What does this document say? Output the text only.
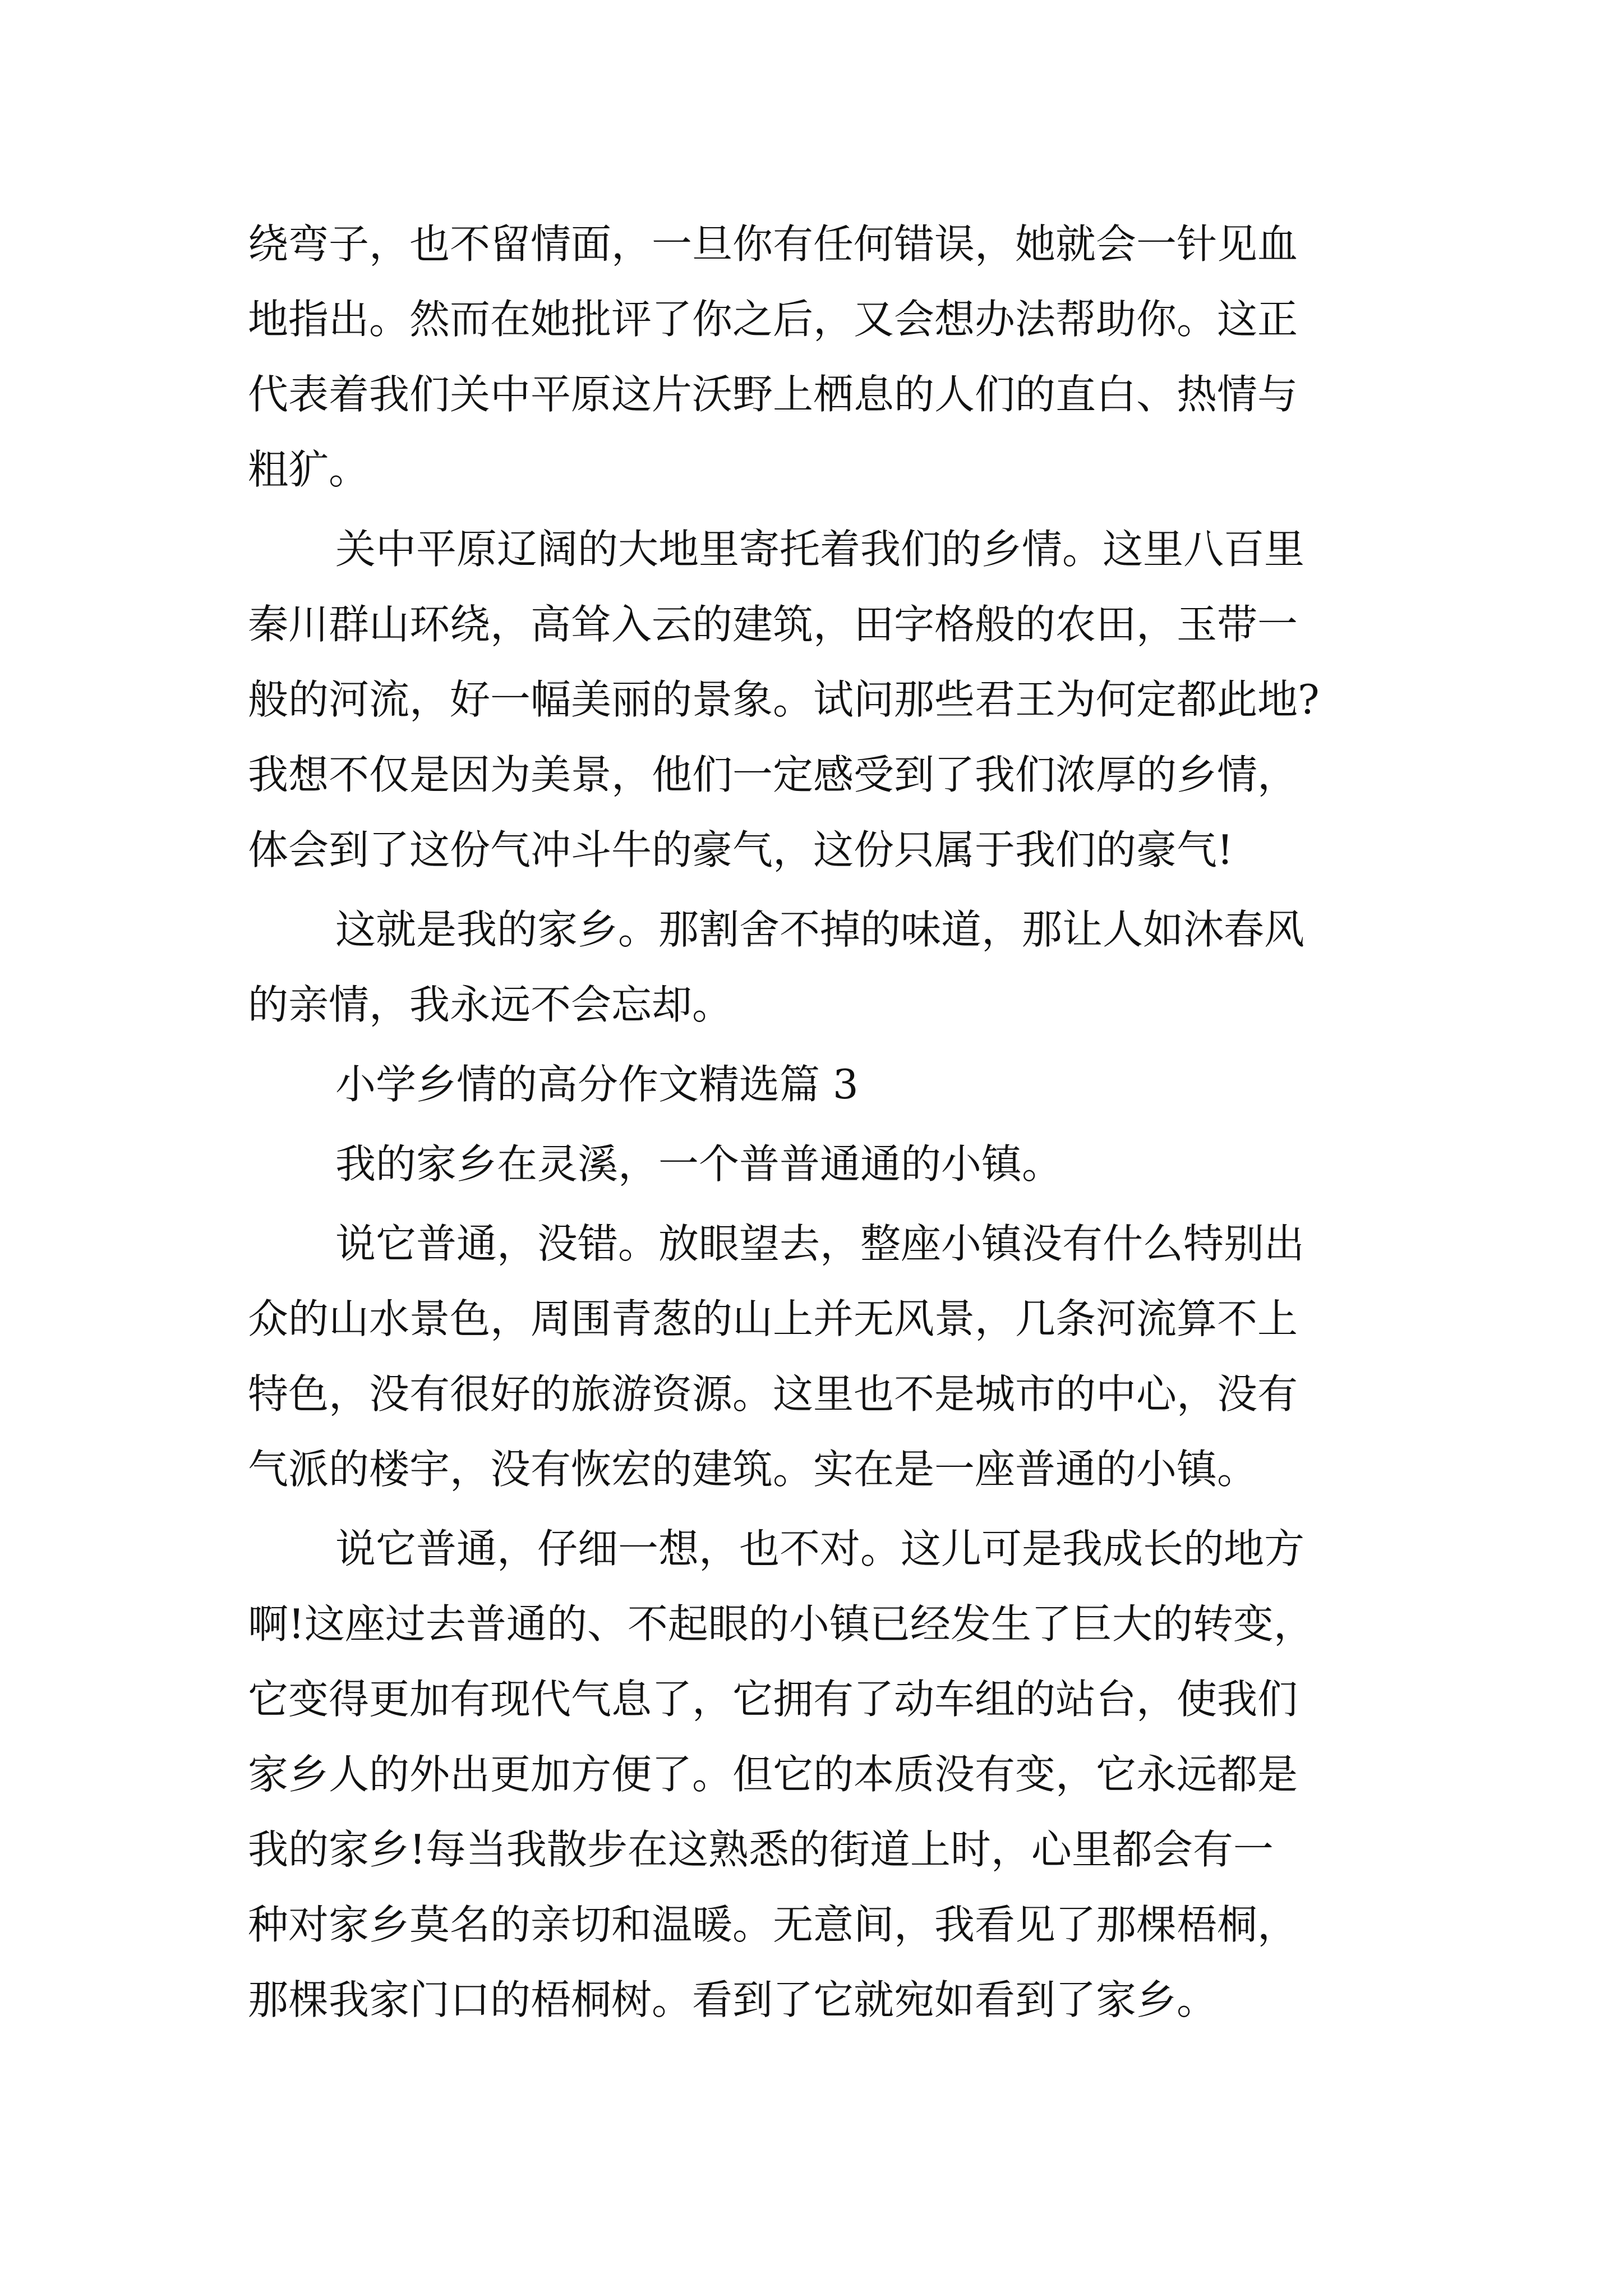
绕弯子，也不留情面，一旦你有任何错误，她就会一针见血

地指出。然而在她批评了你之后，又会想办法帮助你。这正

代表着我们关中平原这片沃野上栖息的人们的直白、热情与

粗犷。

关中平原辽阔的大地里寄托着我们的乡情。这里八百里

秦川群山环绕，高耸入云的建筑，田字格般的农田，玉带一

般的河流，好一幅美丽的景象。试问那些君王为何定都此地?

我想不仅是因为美景，他们一定感受到了我们浓厚的乡情，

体会到了这份气冲斗牛的豪气，这份只属于我们的豪气!

这就是我的家乡。那割舍不掉的味道，那让人如沐春风

的亲情，我永远不会忘却。

小学乡情的高分作文精选篇 3

我的家乡在灵溪，一个普普通通的小镇。

说它普通，没错。放眼望去，整座小镇没有什么特别出

众的山水景色，周围青葱的山上并无风景，几条河流算不上

特色，没有很好的旅游资源。这里也不是城市的中心，没有

气派的楼宇，没有恢宏的建筑。实在是一座普通的小镇。

说它普通，仔细一想，也不对。这儿可是我成长的地方

啊!这座过去普通的、不起眼的小镇已经发生了巨大的转变，

它变得更加有现代气息了，它拥有了动车组的站台，使我们

家乡人的外出更加方便了。但它的本质没有变，它永远都是

我的家乡!每当我散步在这熟悉的街道上时，心里都会有一

种对家乡莫名的亲切和温暖。无意间，我看见了那棵梧桐，

那棵我家门口的梧桐树。看到了它就宛如看到了家乡。
